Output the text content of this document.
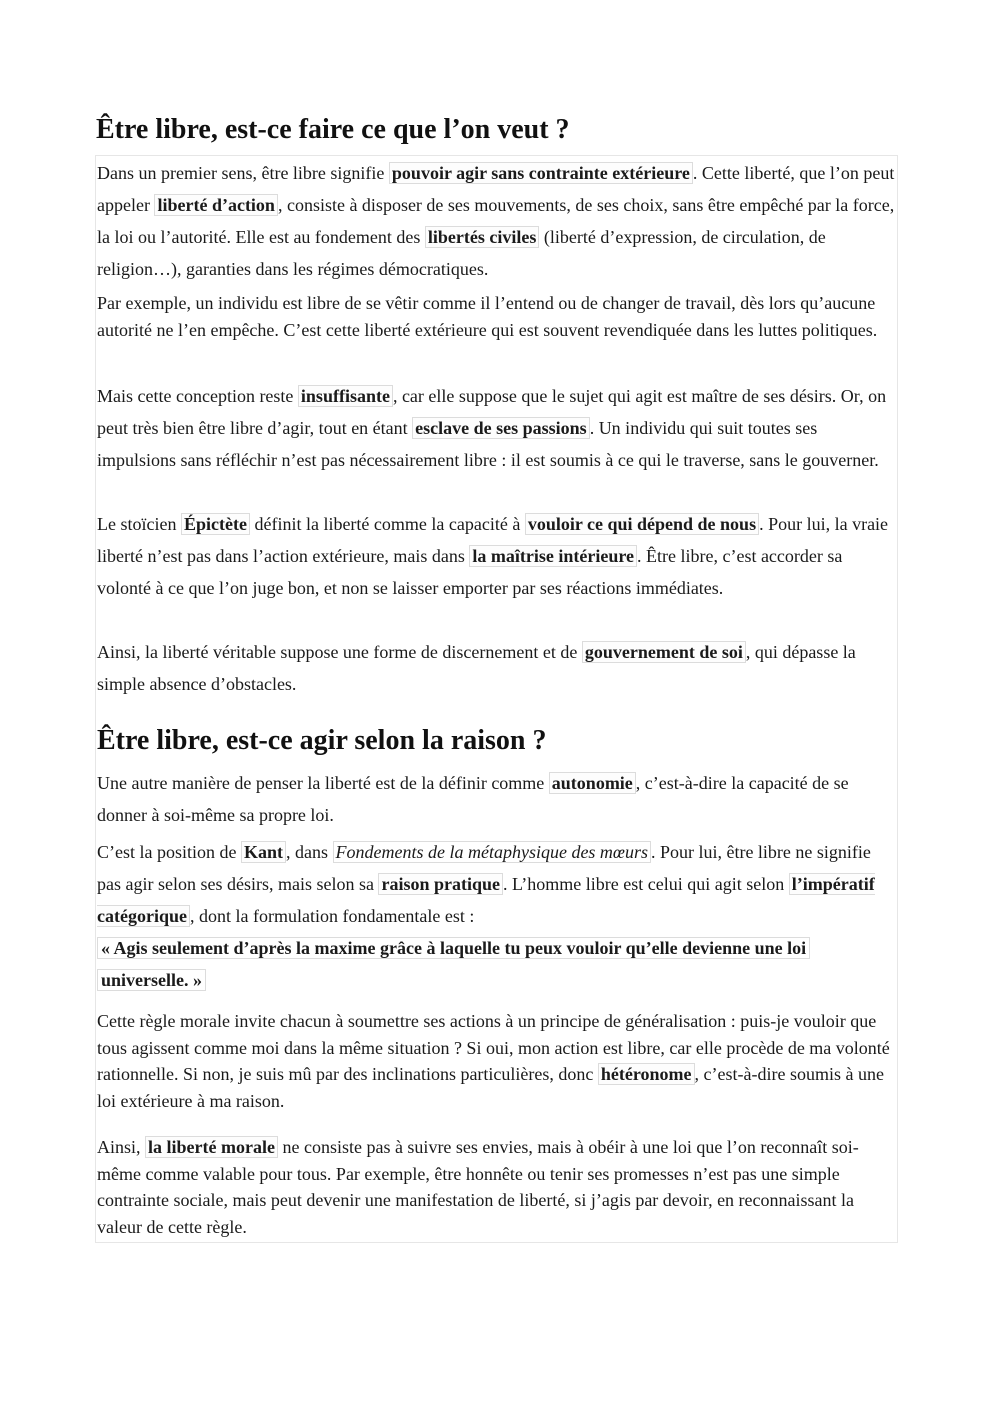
Être libre, est-ce faire ce que l’on veut ?

Dans un premier sens, être libre signifie pouvoir agir sans contrainte extérieure . Cette liberté, que l’on peut appeler liberté d’action , consiste à disposer de ses mouvements, de ses choix, sans être empêché par la force, la loi ou l’autorité. Elle est au fondement des libertés civiles (liberté d’expression, de circulation, de religion…), garanties dans les régimes démocratiques.

Par exemple, un individu est libre de se vêtir comme il l’entend ou de changer de travail, dès lors qu’aucune autorité ne l’en empêche. C’est cette liberté extérieure qui est souvent revendiquée dans les luttes politiques.

Mais cette conception reste insuffisante , car elle suppose que le sujet qui agit est maître de ses désirs. Or, on peut très bien être libre d’agir, tout en étant esclave de ses passions . Un individu qui suit toutes ses impulsions sans réfléchir n’est pas nécessairement libre : il est soumis à ce qui le traverse, sans le gouverner.

Le stoïcien Épictète définit la liberté comme la capacité à vouloir ce qui dépend de nous . Pour lui, la vraie liberté n’est pas dans l’action extérieure, mais dans la maîtrise intérieure . Être libre, c’est accorder sa volonté à ce que l’on juge bon, et non se laisser emporter par ses réactions immédiates.

Ainsi, la liberté véritable suppose une forme de discernement et de gouvernement de soi , qui dépasse la simple absence d’obstacles.

Être libre, est-ce agir selon la raison ?

Une autre manière de penser la liberté est de la définir comme autonomie , c’est-à-dire la capacité de se donner à soi-même sa propre loi.

C’est la position de Kant , dans Fondements de la métaphysique des mœurs . Pour lui, être libre ne signifie pas agir selon ses désirs, mais selon sa raison pratique . L’homme libre est celui qui agit selon l’impératif catégorique , dont la formulation fondamentale est :

« Agis seulement d’après la maxime grâce à laquelle tu peux vouloir qu’elle devienne une loi
universelle. »

Cette règle morale invite chacun à soumettre ses actions à un principe de généralisation : puis-je vouloir que tous agissent comme moi dans la même situation ? Si oui, mon action est libre, car elle procède de ma volonté rationnelle. Si non, je suis mû par des inclinations particulières, donc hétéronome , c’est-à-dire soumis à une loi extérieure à ma raison.

Ainsi, la liberté morale ne consiste pas à suivre ses envies, mais à obéir à une loi que l’on reconnaît soi-même comme valable pour tous. Par exemple, être honnête ou tenir ses promesses n’est pas une simple contrainte sociale, mais peut devenir une manifestation de liberté, si j’agis par devoir, en reconnaissant la valeur de cette règle.
